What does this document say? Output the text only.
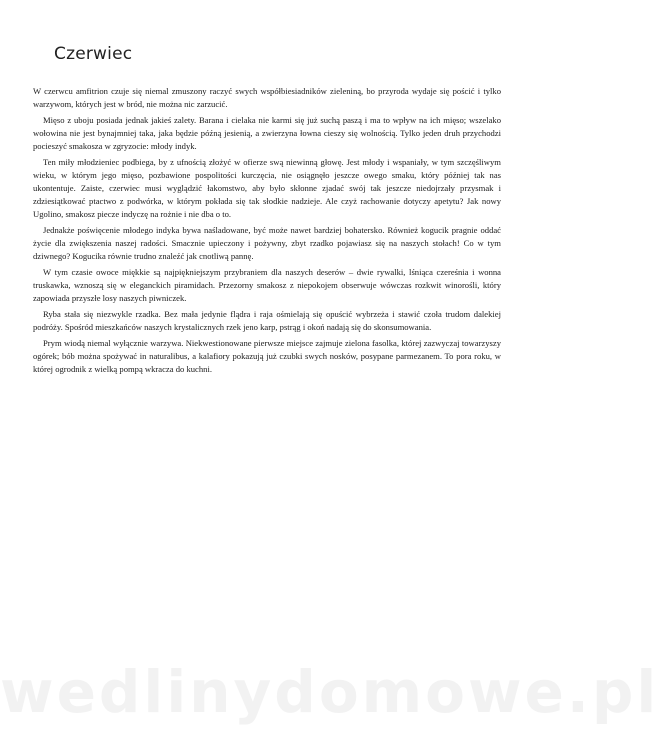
Czerwiec

W czerwcu amfitrion czuje się niemal zmuszony raczyć swych współbiesiadników zieleniną, bo przyroda wydaje się pościć i tylko warzywom, których jest w bród, nie można nic zarzucić.

Mięso z uboju posiada jednak jakieś zalety. Barana i cielaka nie karmi się już suchą paszą i ma to wpływ na ich mięso; wszelako wołowina nie jest bynajmniej taka, jaka będzie późną jesienią, a zwierzyna łowna cieszy się wolnością. Tylko jeden druh przychodzi pocieszyć smakosza w zgryzocie: młody indyk.

Ten miły młodzieniec podbiega, by z ufnością złożyć w ofierze swą niewinną głowę. Jest młody i wspaniały, w tym szczęśliwym wieku, w którym jego mięso, pozbawione pospolitości kurczęcia, nie osiągnęło jeszcze owego smaku, który później tak nas ukontentuje. Zaiste, czerwiec musi wyglądzić łakomstwo, aby było skłonne zjadać swój tak jeszcze niedojrzały przysmak i zdziesiątkować ptactwo z podwórka, w którym pokłada się tak słodkie nadzieje. Ale czyż rachowanie dotyczy apetytu? Jak nowy Ugolino, smakosz piecze indyczę na rożnie i nie dba o to.

Jednakże poświęcenie młodego indyka bywa naśladowane, być może nawet bardziej bohatersko. Również kogucik pragnie oddać życie dla zwiększenia naszej radości. Smacznie upieczony i pożywny, zbyt rzadko pojawiasz się na naszych stołach! Co w tym dziwnego? Kogucika równie trudno znaleźć jak cnotliwą pannę.

W tym czasie owoce miękkie są najpiękniejszym przybraniem dla naszych deserów – dwie rywalki, lśniąca czereśnia i wonna truskawka, wznoszą się w eleganckich piramidach. Przezorny smakosz z niepokojem obserwuje wówczas rozkwit winorośli, który zapowiada przyszłe losy naszych piwniczek.

Ryba stała się niezwykle rzadka. Bez mała jedynie flądra i raja ośmielają się opuścić wybrzeża i stawić czoła trudom dalekiej podróży. Spośród mieszkańców naszych krystalicznych rzek jeno karp, pstrąg i okoń nadają się do skonsumowania.

Prym wiodą niemal wyłącznie warzywa. Niekwestionowane pierwsze miejsce zajmuje zielona fasolka, której zazwyczaj towarzyszy ogórek; bób można spożywać in naturalibus, a kalafiory pokazują już czubki swych nosków, posypane parmezanem. To pora roku, w której ogrodnik z wielką pompą wkracza do kuchni.

wedlinydomowe.pl
